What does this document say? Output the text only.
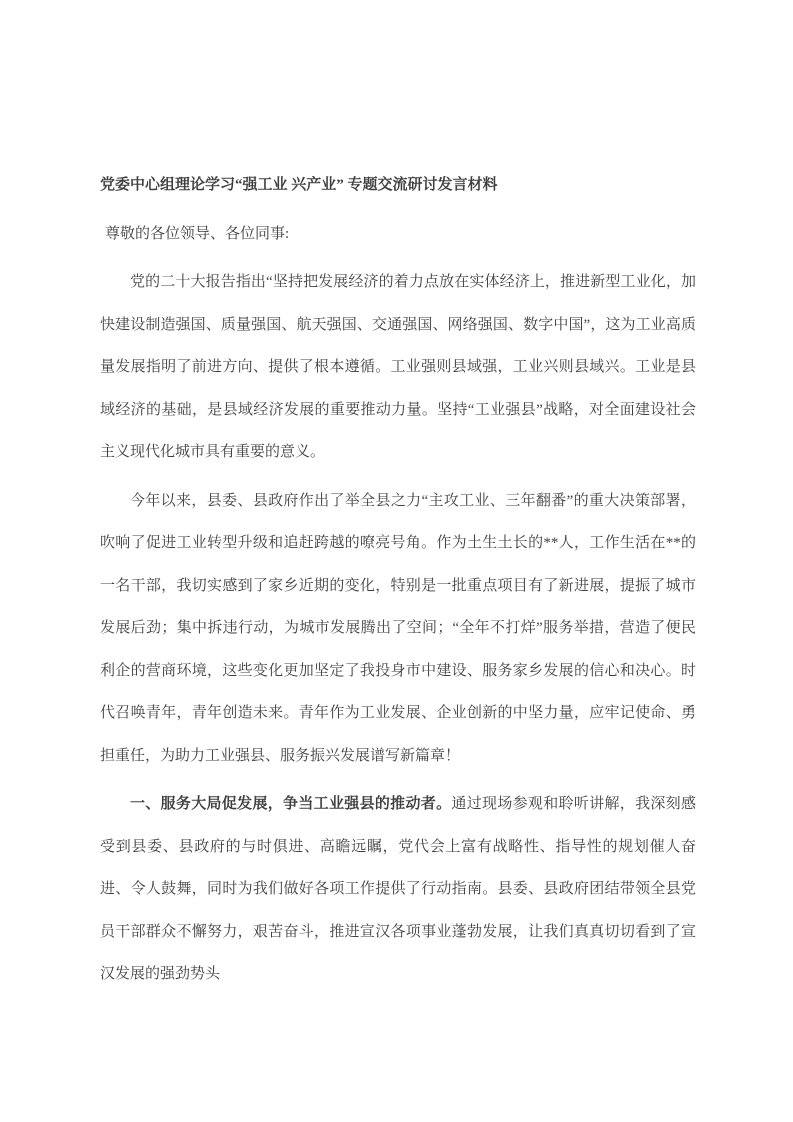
党委中心组理论学习“强工业 兴产业” 专题交流研讨发言材料

尊敬的各位领导、各位同事:

党的二十大报告指出“坚持把发展经济的着力点放在实体经济上，推进新型工业化，加快建设制造强国、质量强国、航天强国、交通强国、网络强国、数字中国”，这为工业高质量发展指明了前进方向、提供了根本遵循。工业强则县域强，工业兴则县域兴。工业是县域经济的基础，是县域经济发展的重要推动力量。坚持“工业强县”战略，对全面建设社会主义现代化城市具有重要的意义。

今年以来，县委、县政府作出了举全县之力“主攻工业、三年翻番”的重大决策部署，吹响了促进工业转型升级和追赶跨越的嘹亮号角。作为土生土长的**人，工作生活在**的一名干部，我切实感到了家乡近期的变化，特别是一批重点项目有了新进展，提振了城市发展后劲；集中拆违行动，为城市发展腾出了空间；“全年不打烊”服务举措，营造了便民利企的营商环境，这些变化更加坚定了我投身市中建设、服务家乡发展的信心和决心。时代召唤青年，青年创造未来。青年作为工业发展、企业创新的中坚力量，应牢记使命、勇担重任，为助力工业强县、服务振兴发展谱写新篇章！

一、服务大局促发展，争当工业强县的推动者。通过现场参观和聆听讲解，我深刻感受到县委、县政府的与时俱进、高瞻远瞩，党代会上富有战略性、指导性的规划催人奋进、令人鼓舞，同时为我们做好各项工作提供了行动指南。县委、县政府团结带领全县党员干部群众不懈努力，艰苦奋斗，推进宣汉各项事业蓬勃发展，让我们真真切切看到了宣汉发展的强劲势头
